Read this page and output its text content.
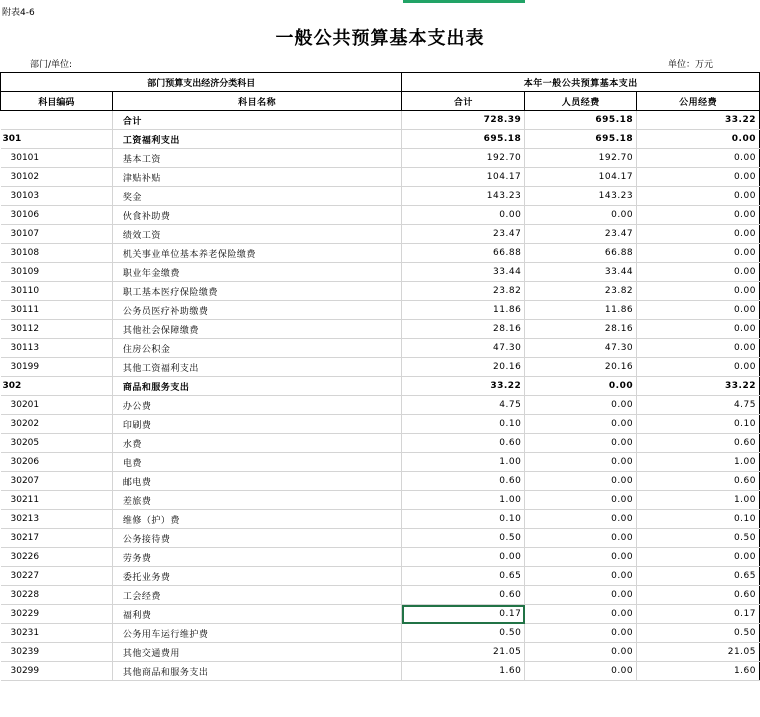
附表4-6
一般公共预算基本支出表
部门/单位:	单位：万元
部门预算支出经济分类科目		本年一般公共预算基本支出		
科目编码	科目名称	合计	人员经费	公用经费
	合计	728.39	695.18	33.22
301	工资福利支出	695.18	695.18	0.00
30101	基本工资	192.70	192.70	0.00
30102	津贴补贴	104.17	104.17	0.00
30103	奖金	143.23	143.23	0.00
30106	伙食补助费	0.00	0.00	0.00
30107	绩效工资	23.47	23.47	0.00
30108	机关事业单位基本养老保险缴费	66.88	66.88	0.00
30109	职业年金缴费	33.44	33.44	0.00
30110	职工基本医疗保险缴费	23.82	23.82	0.00
30111	公务员医疗补助缴费	11.86	11.86	0.00
30112	其他社会保障缴费	28.16	28.16	0.00
30113	住房公积金	47.30	47.30	0.00
30199	其他工资福利支出	20.16	20.16	0.00
302	商品和服务支出	33.22	0.00	33.22
30201	办公费	4.75	0.00	4.75
30202	印刷费	0.10	0.00	0.10
30205	水费	0.60	0.00	0.60
30206	电费	1.00	0.00	1.00
30207	邮电费	0.60	0.00	0.60
30211	差旅费	1.00	0.00	1.00
30213	维修（护）费	0.10	0.00	0.10
30217	公务接待费	0.50	0.00	0.50
30226	劳务费	0.00	0.00	0.00
30227	委托业务费	0.65	0.00	0.65
30228	工会经费	0.60	0.00	0.60
30229	福利费	0.17	0.00	0.17
30231	公务用车运行维护费	0.50	0.00	0.50
30239	其他交通费用	21.05	0.00	21.05
30299	其他商品和服务支出	1.60	0.00	1.60
